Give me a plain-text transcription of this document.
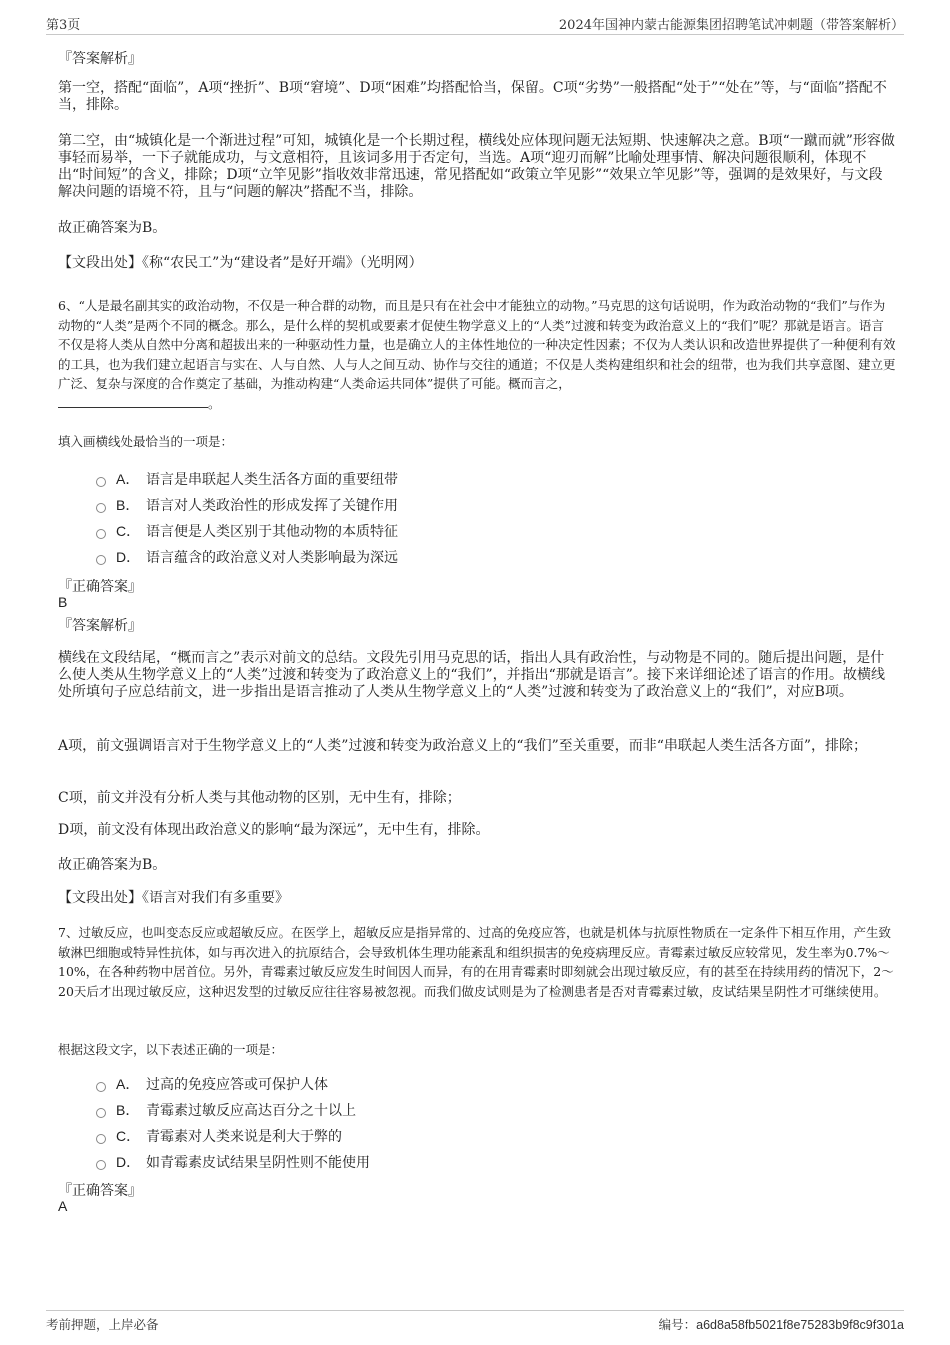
第3页	2024年国神内蒙古能源集团招聘笔试冲刺题（带答案解析）
『答案解析』
第一空，搭配“面临”，A项“挫折”、B项“窘境”、D项“困难”均搭配恰当，保留。C项“劣势”一般搭配“处于”“处在”等，与“面临”搭配不当，排除。
第二空，由“城镇化是一个渐进过程”可知，城镇化是一个长期过程，横线处应体现问题无法短期、快速解决之意。B项“一蹴而就”形容做事轻而易举，一下子就能成功，与文意相符，且该词多用于否定句，当选。A项“迎刃而解”比喻处理事情、解决问题很顺利，体现不出“时间短”的含义，排除；D项“立竿见影”指收效非常迅速，常见搭配如“政策立竿见影”“效果立竿见影”等，强调的是效果好，与文段解决问题的语境不符，且与“问题的解决”搭配不当，排除。
故正确答案为B。
【文段出处】《称“农民工”为“建设者”是好开端》（光明网）
6、“人是最名副其实的政治动物，不仅是一种合群的动物，而且是只有在社会中才能独立的动物。”马克思的这句话说明，作为政治动物的“我们”与作为动物的“人类”是两个不同的概念。那么，是什么样的契机或要素才促使生物学意义上的“人类”过渡和转变为政治意义上的“我们”呢？那就是语言。语言不仅是将人类从自然中分离和超拔出来的一种驱动性力量，也是确立人的主体性地位的一种决定性因素；不仅为人类认识和改造世界提供了一种便利有效的工具，也为我们建立起语言与实在、人与自然、人与人之间互动、协作与交往的通道；不仅是人类构建组织和社会的纽带，也为我们共享意图、建立更广泛、复杂与深度的合作奠定了基础，为推动构建“人类命运共同体”提供了可能。概而言之，
。
填入画横线处最恰当的一项是：
A． 语言是串联起人类生活各方面的重要纽带
B． 语言对人类政治性的形成发挥了关键作用
C． 语言便是人类区别于其他动物的本质特征
D． 语言蕴含的政治意义对人类影响最为深远
『正确答案』
B
『答案解析』
横线在文段结尾，“概而言之”表示对前文的总结。文段先引用马克思的话，指出人具有政治性，与动物是不同的。随后提出问题，是什么使人类从生物学意义上的“人类”过渡和转变为了政治意义上的“我们”，并指出“那就是语言”。接下来详细论述了语言的作用。故横线处所填句子应总结前文，进一步指出是语言推动了人类从生物学意义上的“人类”过渡和转变为了政治意义上的“我们”，对应B项。
A项，前文强调语言对于生物学意义上的“人类”过渡和转变为政治意义上的“我们”至关重要，而非“串联起人类生活各方面”，排除；
C项，前文并没有分析人类与其他动物的区别，无中生有，排除；
D项，前文没有体现出政治意义的影响“最为深远”，无中生有，排除。
故正确答案为B。
【文段出处】《语言对我们有多重要》
7、过敏反应，也叫变态反应或超敏反应。在医学上，超敏反应是指异常的、过高的免疫应答，也就是机体与抗原性物质在一定条件下相互作用，产生致敏淋巴细胞或特异性抗体，如与再次进入的抗原结合，会导致机体生理功能紊乱和组织损害的免疫病理反应。青霉素过敏反应较常见，发生率为0.7%～10%，在各种药物中居首位。另外，青霉素过敏反应发生时间因人而异，有的在用青霉素时即刻就会出现过敏反应，有的甚至在持续用药的情况下，2～20天后才出现过敏反应，这种迟发型的过敏反应往往容易被忽视。而我们做皮试则是为了检测患者是否对青霉素过敏，皮试结果呈阴性才可继续使用。
根据这段文字，以下表述正确的一项是：
A． 过高的免疫应答或可保护人体
B． 青霉素过敏反应高达百分之十以上
C． 青霉素对人类来说是利大于弊的
D． 如青霉素皮试结果呈阴性则不能使用
『正确答案』
A
考前押题，上岸必备	编号：a6d8a58fb5021f8e75283b9f8c9f301a
